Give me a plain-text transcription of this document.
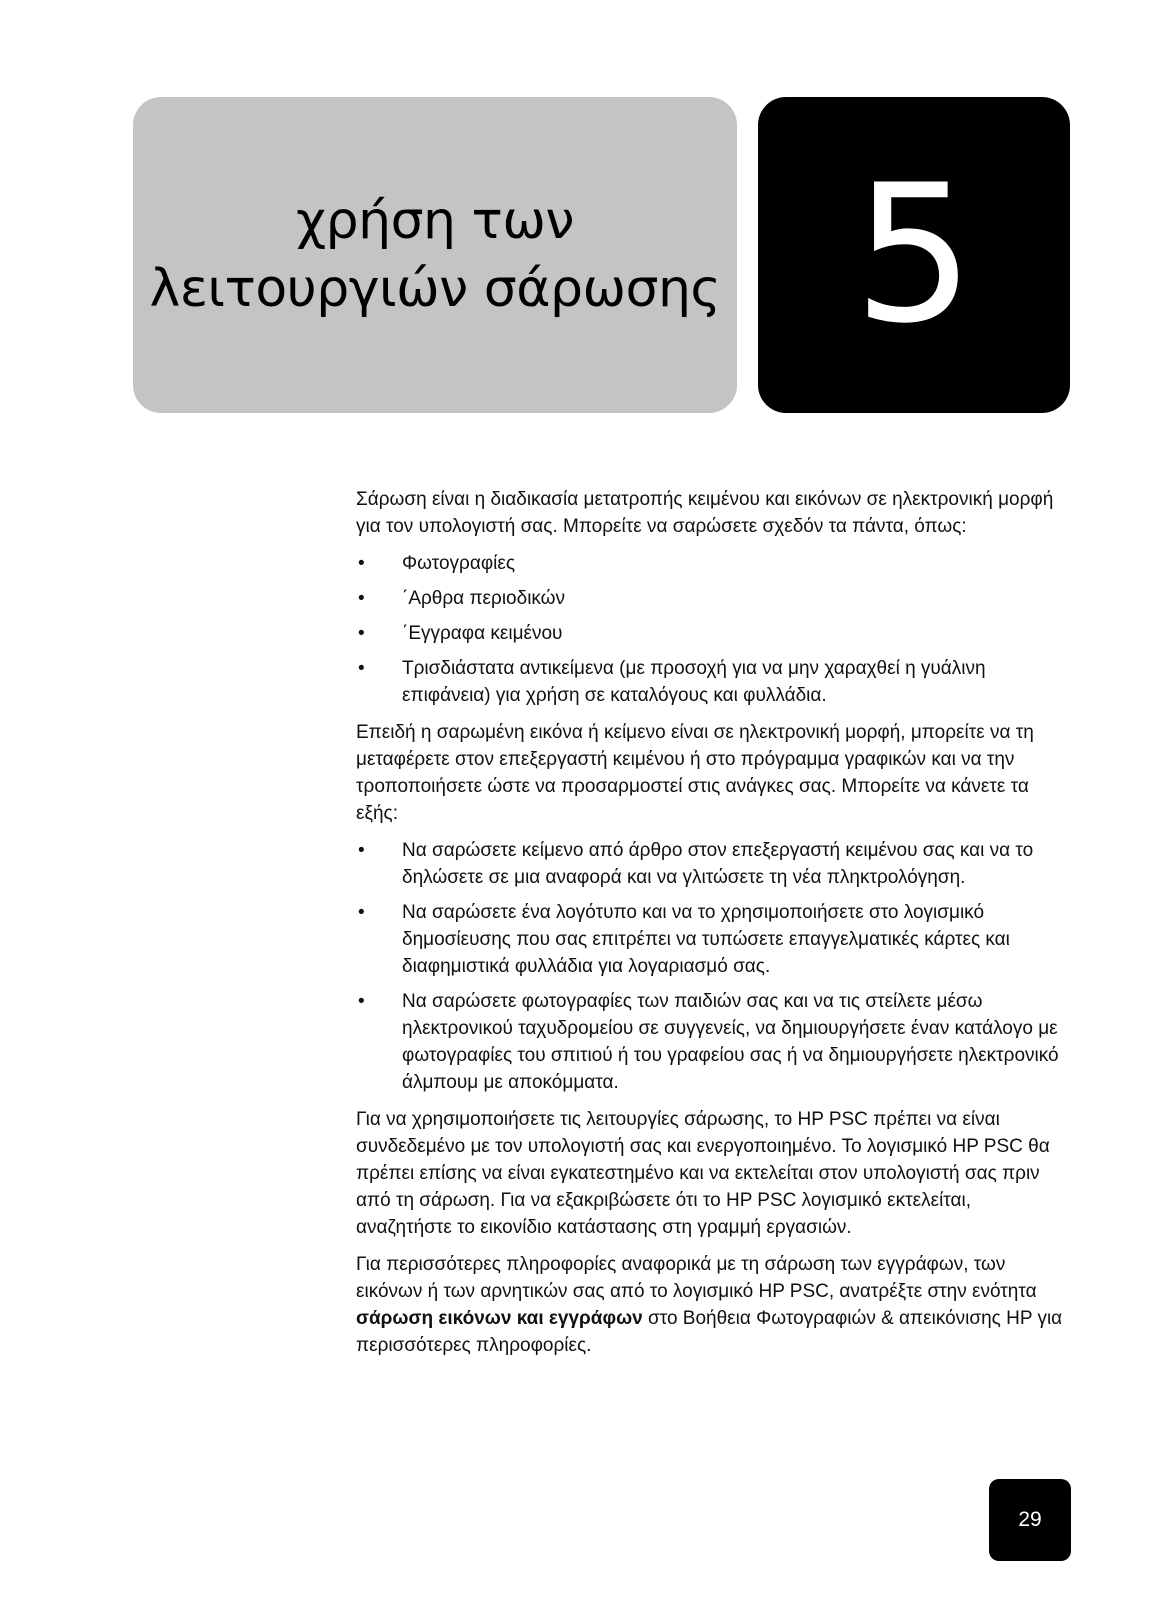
χρήση των
λειτουργιών σάρωσης 5

Σάρωση είναι η διαδικασία μετατροπής κειμένου και εικόνων σε ηλεκτρονική μορφή για τον υπολογιστή σας. Μπορείτε να σαρώσετε σχεδόν τα πάντα, όπως:

• Φωτογραφίες
• ΄Αρθρα περιοδικών
• ΄Εγγραφα κειμένου
• Τρισδιάστατα αντικείμενα (με προσοχή για να μην χαραχθεί η γυάλινη επιφάνεια) για χρήση σε καταλόγους και φυλλάδια.

Επειδή η σαρωμένη εικόνα ή κείμενο είναι σε ηλεκτρονική μορφή, μπορείτε να τη μεταφέρετε στον επεξεργαστή κειμένου ή στο πρόγραμμα γραφικών και να την τροποποιήσετε ώστε να προσαρμοστεί στις ανάγκες σας. Μπορείτε να κάνετε τα εξής:

• Να σαρώσετε κείμενο από άρθρο στον επεξεργαστή κειμένου σας και να το δηλώσετε σε μια αναφορά και να γλιτώσετε τη νέα πληκτρολόγηση.
• Να σαρώσετε ένα λογότυπο και να το χρησιμοποιήσετε στο λογισμικό δημοσίευσης που σας επιτρέπει να τυπώσετε επαγγελματικές κάρτες και διαφημιστικά φυλλάδια για λογαριασμό σας.
• Να σαρώσετε φωτογραφίες των παιδιών σας και να τις στείλετε μέσω ηλεκτρονικού ταχυδρομείου σε συγγενείς, να δημιουργήσετε έναν κατάλογο με φωτογραφίες του σπιτιού ή του γραφείου σας ή να δημιουργήσετε ηλεκτρονικό άλμπουμ με αποκόμματα.

Για να χρησιμοποιήσετε τις λειτουργίες σάρωσης, το HP PSC πρέπει να είναι συνδεδεμένο με τον υπολογιστή σας και ενεργοποιημένο. Το λογισμικό HP PSC θα πρέπει επίσης να είναι εγκατεστημένο και να εκτελείται στον υπολογιστή σας πριν από τη σάρωση. Για να εξακριβώσετε ότι το HP PSC λογισμικό εκτελείται, αναζητήστε το εικονίδιο κατάστασης στη γραμμή εργασιών.

Για περισσότερες πληροφορίες αναφορικά με τη σάρωση των εγγράφων, των εικόνων ή των αρνητικών σας από το λογισμικό HP PSC, ανατρέξτε στην ενότητα σάρωση εικόνων και εγγράφων στο Βοήθεια Φωτογραφιών & απεικόνισης HP για περισσότερες πληροφορίες.

29
